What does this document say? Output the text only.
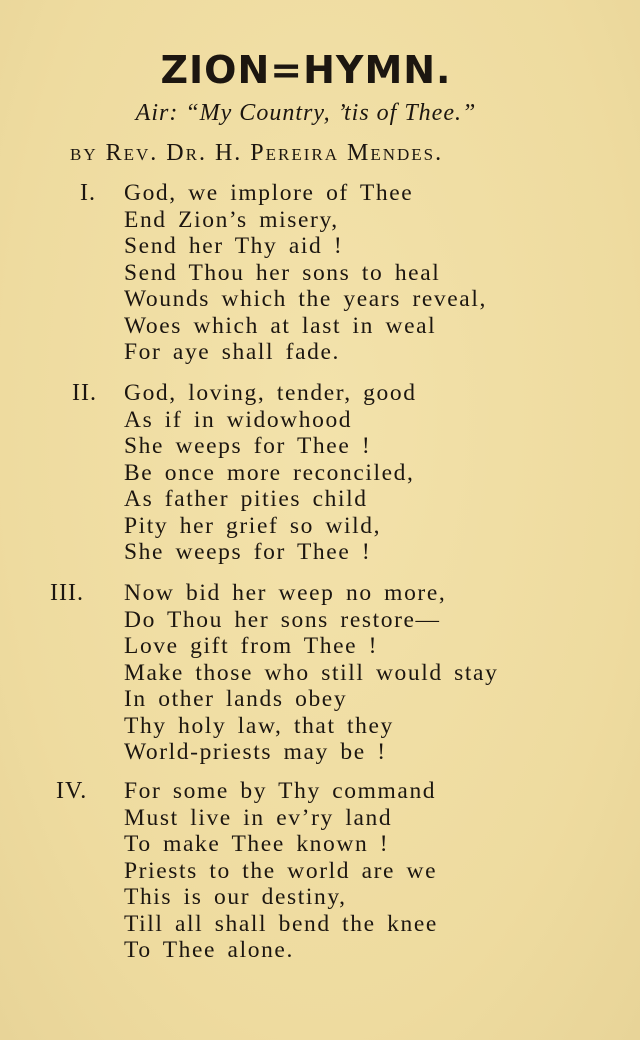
ZION=HYMN.
Air: “My Country, ’tis of Thee.”
by Rev. Dr. H. Pereira Mendes.
I. God, we implore of Thee
End Zion’s misery,
Send her Thy aid !
Send Thou her sons to heal
Wounds which the years reveal,
Woes which at last in weal
For aye shall fade.
II. God, loving, tender, good
As if in widowhood
She weeps for Thee !
Be once more reconciled,
As father pities child
Pity her grief so wild,
She weeps for Thee !
III. Now bid her weep no more,
Do Thou her sons restore—
Love gift from Thee !
Make those who still would stay
In other lands obey
Thy holy law, that they
World-priests may be !
IV. For some by Thy command
Must live in ev’ry land
To make Thee known !
Priests to the world are we
This is our destiny,
Till all shall bend the knee
To Thee alone.
